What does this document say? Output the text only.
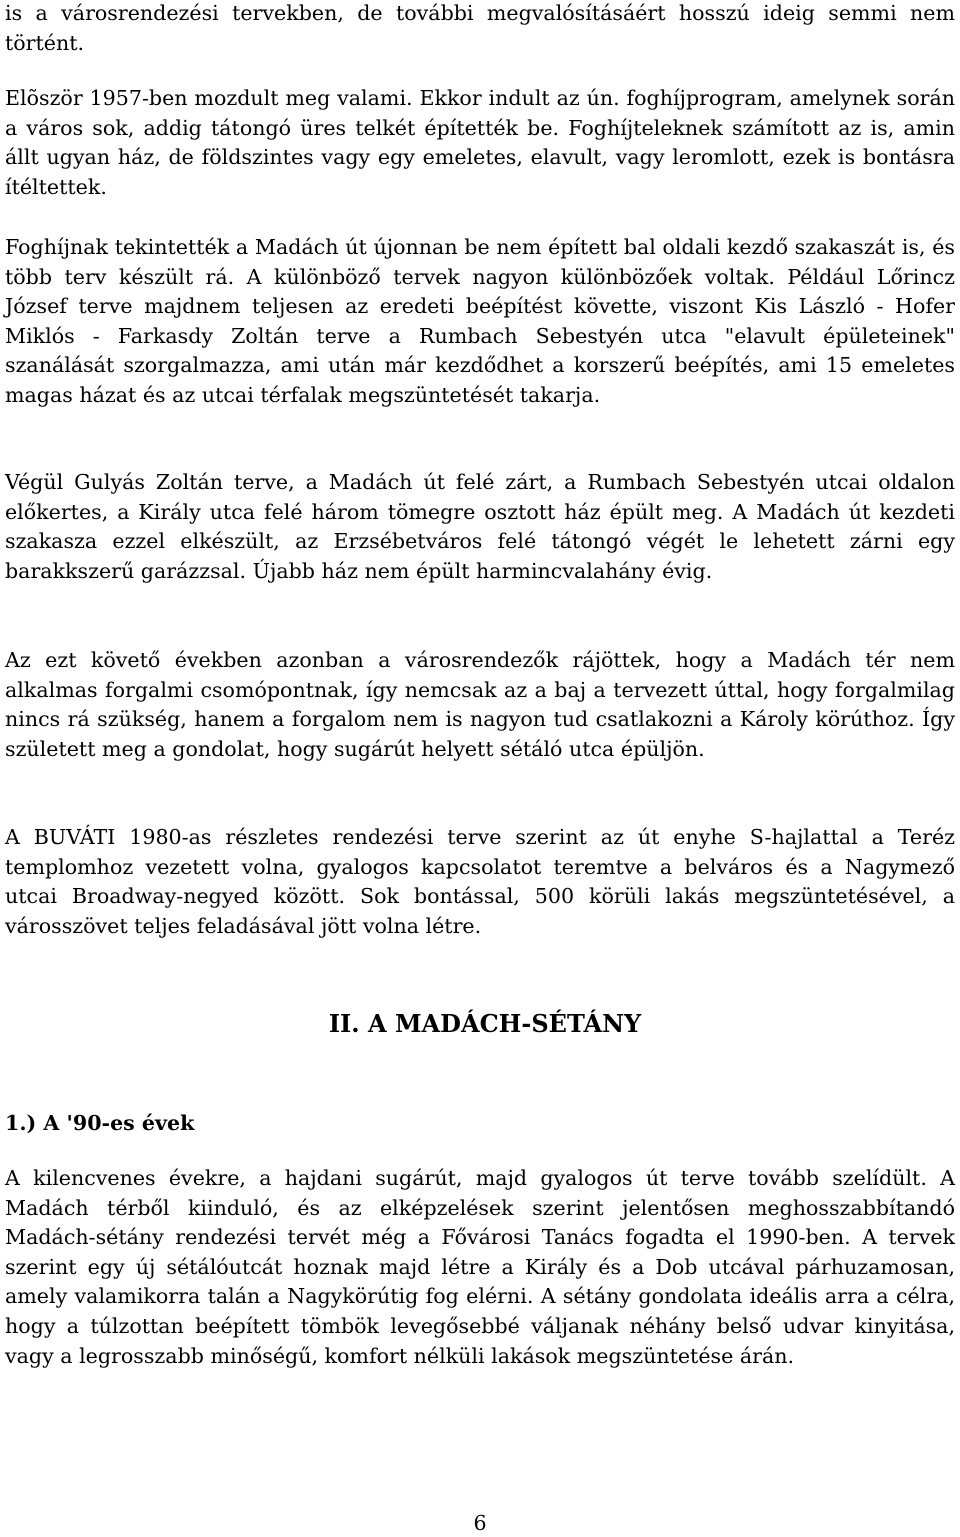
is a városrendezési tervekben, de további megvalósításáért hosszú ideig semmi nem történt.

Elõször 1957-ben mozdult meg valami. Ekkor indult az ún. foghíjprogram, amelynek során a város sok, addig tátongó üres telkét építették be. Foghíjteleknek számított az is, amin állt ugyan ház, de földszintes vagy egy emeletes, elavult, vagy leromlott, ezek is bontásra ítéltettek.

Foghíjnak tekintették a Madách út újonnan be nem épített bal oldali kezdő szakaszát is, és több terv készült rá. A különböző tervek nagyon különbözőek voltak. Például Lőrincz József terve majdnem teljesen az eredeti beépítést követte, viszont Kis László - Hofer Miklós - Farkasdy Zoltán terve a Rumbach Sebestyén utca "elavult épületeinek" szanálását szorgalmazza, ami után már kezdődhet a korszerű beépítés, ami 15 emeletes magas házat és az utcai térfalak megszüntetését takarja.

Végül Gulyás Zoltán terve, a Madách út felé zárt, a Rumbach Sebestyén utcai oldalon előkertes, a Király utca felé három tömegre osztott ház épült meg. A Madách út kezdeti szakasza ezzel elkészült, az Erzsébetváros felé tátongó végét le lehetett zárni egy barakkszerű garázzsal. Újabb ház nem épült harmincvalahány évig.

Az ezt követő években azonban a városrendezők rájöttek, hogy a Madách tér nem alkalmas forgalmi csomópontnak, így nemcsak az a baj a tervezett úttal, hogy forgalmilag nincs rá szükség, hanem a forgalom nem is nagyon tud csatlakozni a Károly körúthoz. Így született meg a gondolat, hogy sugárút helyett sétáló utca épüljön.

A BUVÁTI 1980-as részletes rendezési terve szerint az út enyhe S-hajlattal a Teréz templomhoz vezetett volna, gyalogos kapcsolatot teremtve a belváros és a Nagymező utcai Broadway-negyed között. Sok bontással, 500 körüli lakás megszüntetésével, a városszövet teljes feladásával jött volna létre.

II. A MADÁCH-SÉTÁNY
1.) A '90-es évek

A kilencvenes évekre, a hajdani sugárút, majd gyalogos út terve tovább szelídült. A Madách térből kiinduló, és az elképzelések szerint jelentősen meghosszabbítandó Madách-sétány rendezési tervét még a Fővárosi Tanács fogadta el 1990-ben. A tervek szerint egy új sétálóutcát hoznak majd létre a Király és a Dob utcával párhuzamosan, amely valamikorra talán a Nagykörútig fog elérni. A sétány gondolata ideális arra a célra, hogy a túlzottan beépített tömbök levegősebbé váljanak néhány belső udvar kinyitása, vagy a legrosszabb minőségű, komfort nélküli lakások megszüntetése árán.

6
